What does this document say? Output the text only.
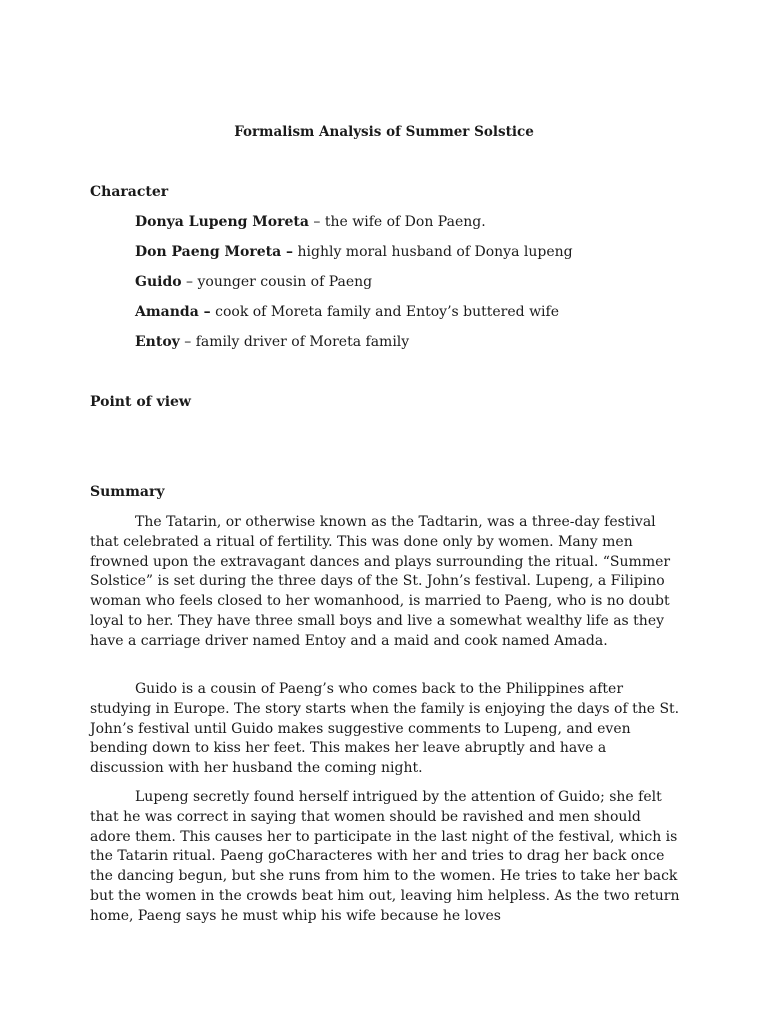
Formalism Analysis of Summer Solstice
Character
Donya Lupeng Moreta – the wife of Don Paeng.
Don Paeng Moreta – highly moral husband of Donya lupeng
Guido – younger cousin of Paeng
Amanda – cook of Moreta family and Entoy’s buttered wife
Entoy – family driver of Moreta family
Point of view
Summary

The Tatarin, or otherwise known as the Tadtarin, was a three-day festival that celebrated a ritual of fertility. This was done only by women. Many men frowned upon the extravagant dances and plays surrounding the ritual. “Summer Solstice” is set during the three days of the St. John’s festival. Lupeng, a Filipino woman who feels closed to her womanhood, is married to Paeng, who is no doubt loyal to her. They have three small boys and live a somewhat wealthy life as they have a carriage driver named Entoy and a maid and cook named Amada.

Guido is a cousin of Paeng’s who comes back to the Philippines after studying in Europe. The story starts when the family is enjoying the days of the St. John’s festival until Guido makes suggestive comments to Lupeng, and even bending down to kiss her feet. This makes her leave abruptly and have a discussion with her husband the coming night.

Lupeng secretly found herself intrigued by the attention of Guido; she felt that he was correct in saying that women should be ravished and men should adore them. This causes her to participate in the last night of the festival, which is the Tatarin ritual. Paeng goCharacteres with her and tries to drag her back once the dancing begun, but she runs from him to the women. He tries to take her back but the women in the crowds beat him out, leaving him helpless. As the two return home, Paeng says he must whip his wife because he loves
